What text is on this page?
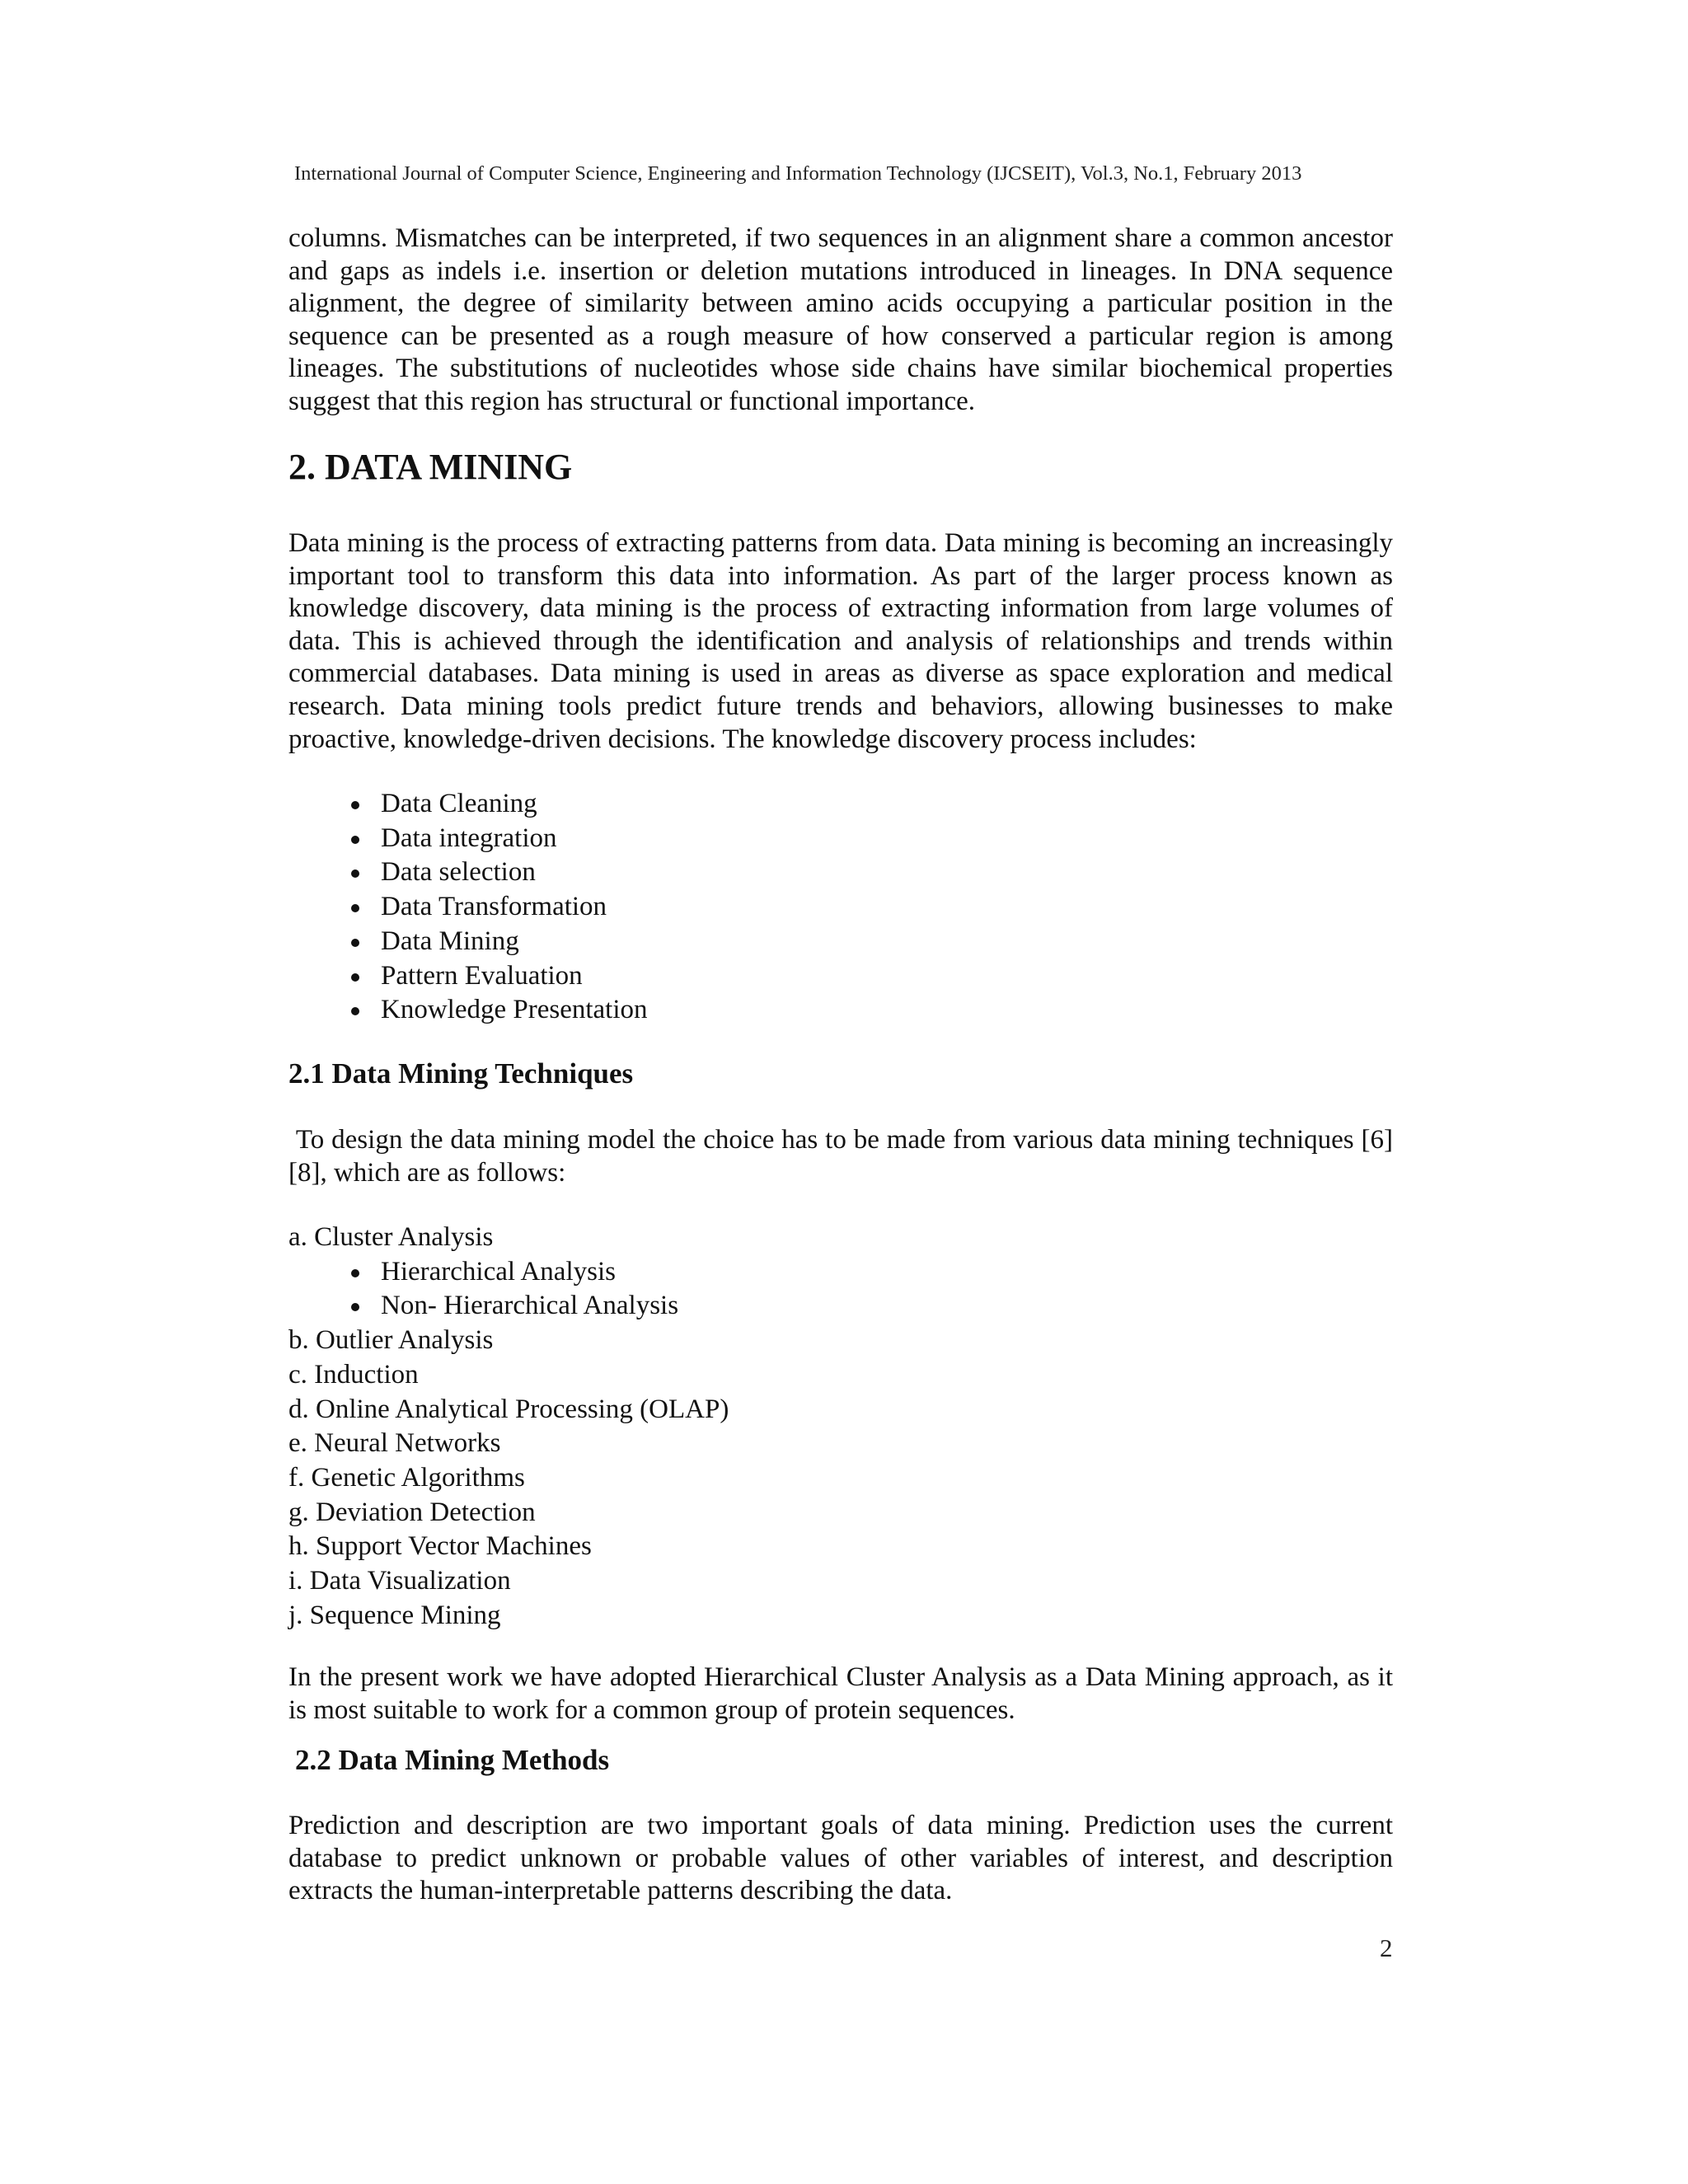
International Journal of Computer Science, Engineering and Information Technology (IJCSEIT), Vol.3, No.1, February 2013

columns. Mismatches can be interpreted, if two sequences in an alignment share a common ancestor and gaps as indels i.e. insertion or deletion mutations introduced in lineages. In DNA sequence alignment, the degree of similarity between amino acids occupying a particular position in the sequence can be presented as a rough measure of how conserved a particular region is among lineages. The substitutions of nucleotides whose side chains have similar biochemical properties suggest that this region has structural or functional importance.

2. DATA MINING

Data mining is the process of extracting patterns from data. Data mining is becoming an increasingly important tool to transform this data into information. As part of the larger process known as knowledge discovery, data mining is the process of extracting information from large volumes of data. This is achieved through the identification and analysis of relationships and trends within commercial databases. Data mining is used in areas as diverse as space exploration and medical research. Data mining tools predict future trends and behaviors, allowing businesses to make proactive, knowledge-driven decisions. The knowledge discovery process includes:

Data Cleaning
Data integration
Data selection
Data Transformation
Data Mining
Pattern Evaluation
Knowledge Presentation
2.1 Data Mining Techniques

To design the data mining model the choice has to be made from various data mining techniques [6][8], which are as follows:

a. Cluster Analysis
Hierarchical Analysis
Non- Hierarchical Analysis
b. Outlier Analysis
c. Induction
d. Online Analytical Processing (OLAP)
e. Neural Networks
f. Genetic Algorithms
g. Deviation Detection
h. Support Vector Machines
i. Data Visualization
j. Sequence Mining

In the present work we have adopted Hierarchical Cluster Analysis as a Data Mining approach, as it is most suitable to work for a common group of protein sequences.

2.2 Data Mining Methods

Prediction and description are two important goals of data mining. Prediction uses the current database to predict unknown or probable values of other variables of interest, and description extracts the human-interpretable patterns describing the data.

2
